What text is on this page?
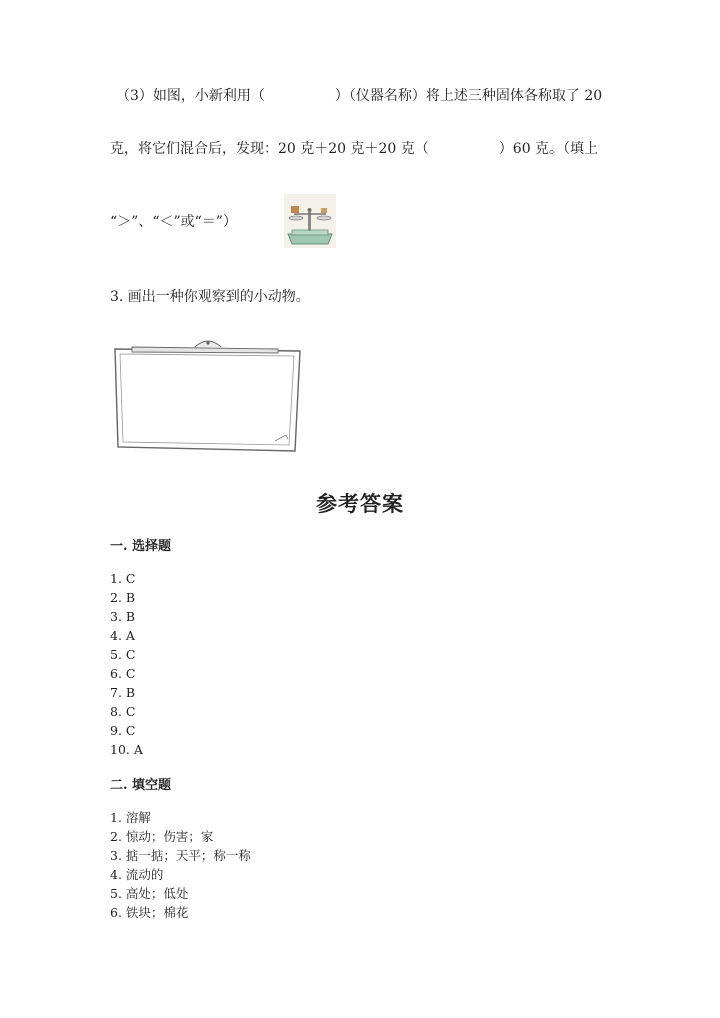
（3）如图，小新利用（　　　　　）（仪器名称）将上述三种固体各称取了 20
克，将它们混合后，发现：20 克＋20 克＋20 克（　　　　　）60 克。（填上
“＞”、“＜”或“＝”）
3. 画出一种你观察到的小动物。
参考答案
一. 选择题
1. C
2. B
3. B
4. A
5. C
6. C
7. B
8. C
9. C
10. A
二. 填空题
1. 溶解
2. 惊动；伤害；家
3. 掂一掂；天平；称一称
4. 流动的
5. 高处；低处
6. 铁块；棉花
